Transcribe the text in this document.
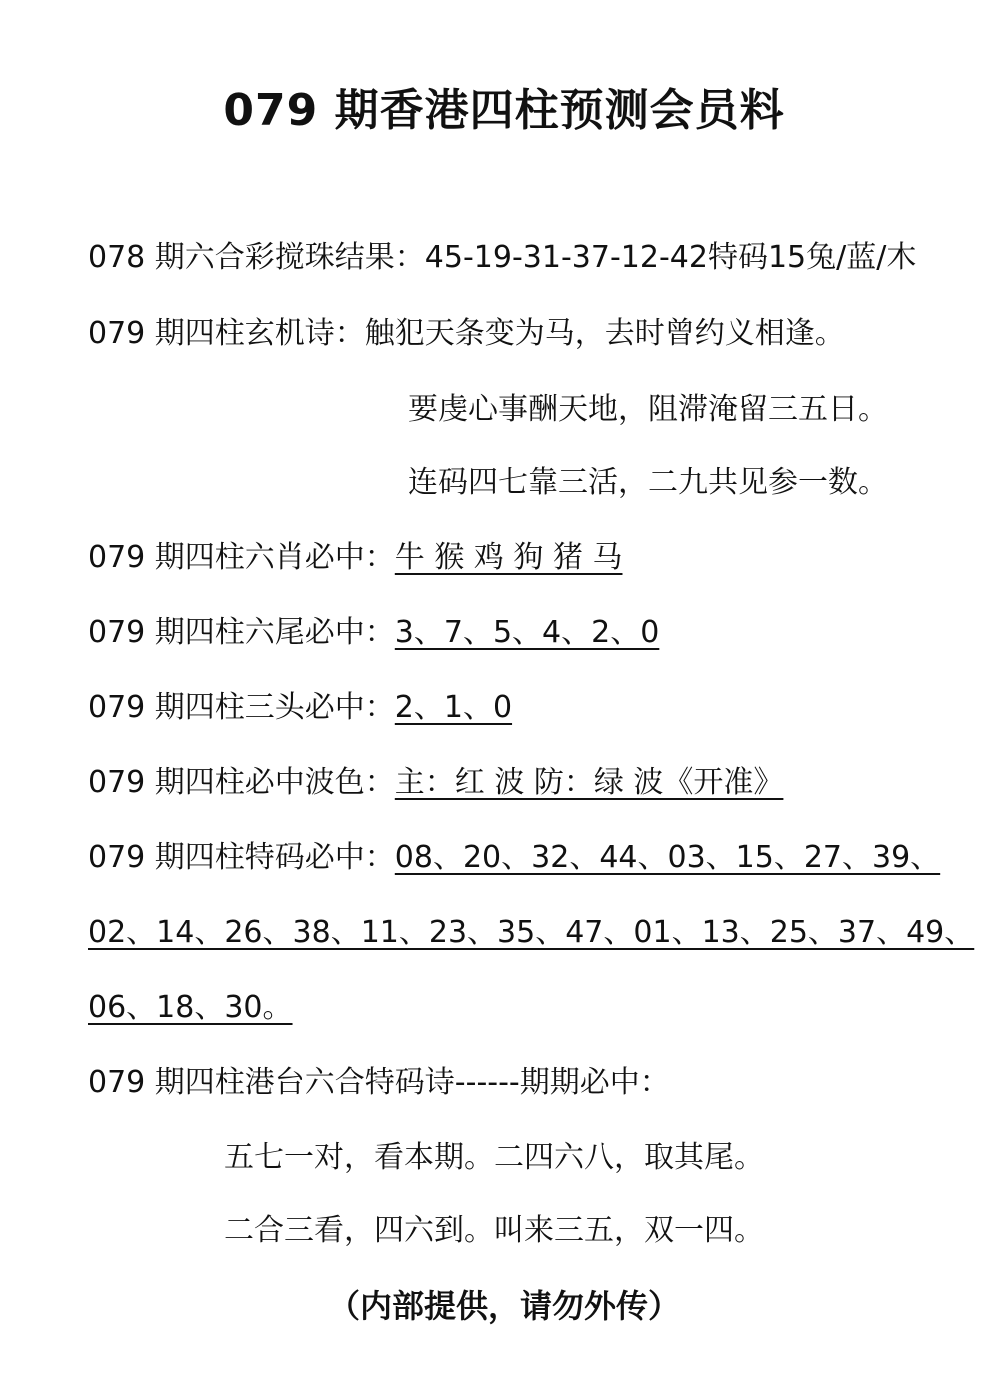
079 期香港四柱预测会员料
078 期六合彩搅珠结果：45-19-31-37-12-42特码15兔/蓝/木
079 期四柱玄机诗：触犯天条变为马，去时曾约义相逢。
要虔心事酬天地，阻滞淹留三五日。
连码四七靠三活，二九共见参一数。
079 期四柱六肖必中：牛 猴 鸡 狗 猪 马
079 期四柱六尾必中：3、7、5、4、2、0
079 期四柱三头必中：2、1、0
079 期四柱必中波色：主：红 波 防：绿 波《开准》
079 期四柱特码必中：08、20、32、44、03、15、27、39、
02、14、26、38、11、23、35、47、01、13、25、37、49、
06、18、30。
079 期四柱港台六合特码诗------期期必中：
五七一对，看本期。二四六八，取其尾。
二合三看，四六到。叫来三五，双一四。
（内部提供，请勿外传）
